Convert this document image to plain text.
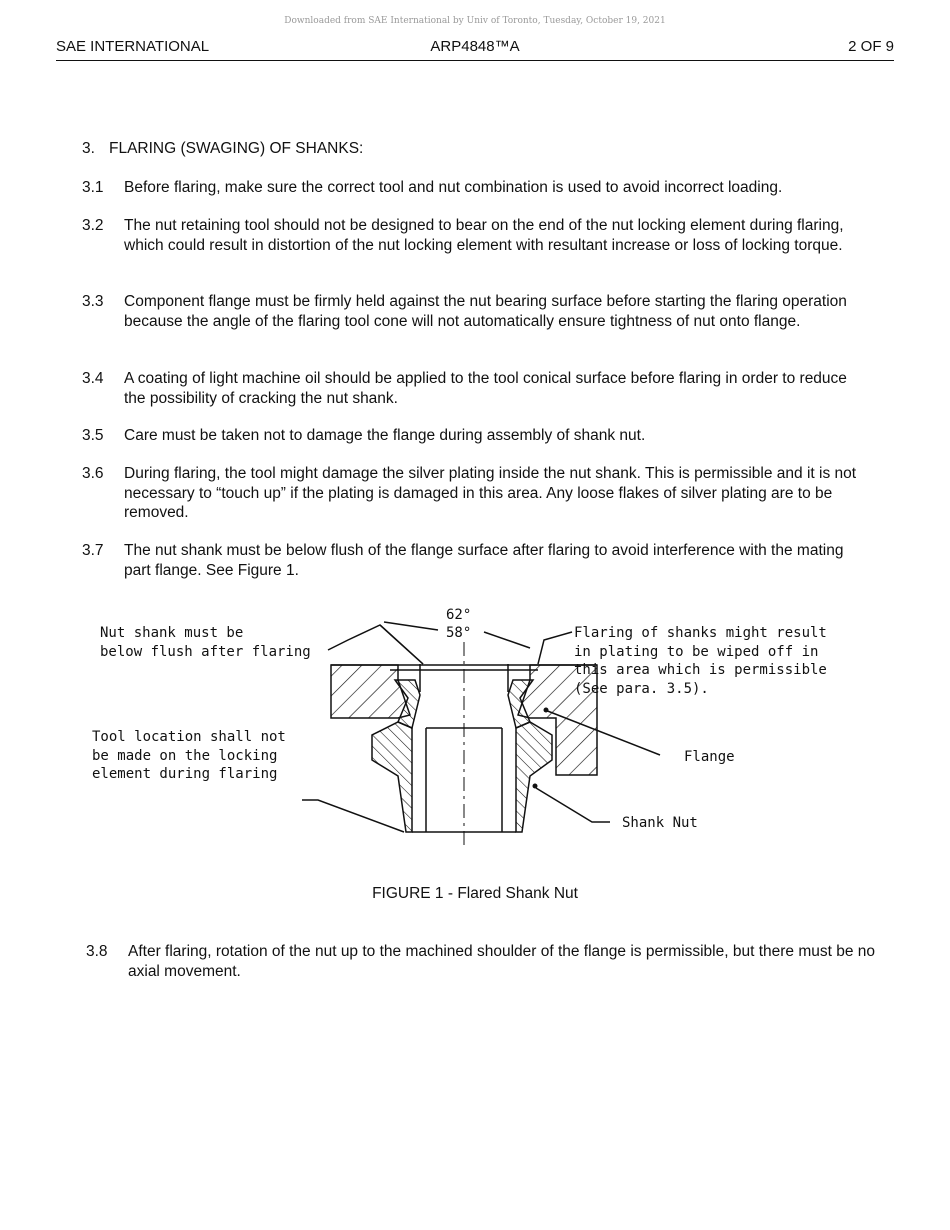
Downloaded from SAE International by Univ of Toronto, Tuesday, October 19, 2021
SAE INTERNATIONAL	ARP4848™A	2 OF 9
3. FLARING (SWAGING) OF SHANKS:
3.1 Before flaring, make sure the correct tool and nut combination is used to avoid incorrect loading.
3.2 The nut retaining tool should not be designed to bear on the end of the nut locking element during flaring, which could result in distortion of the nut locking element with resultant increase or loss of locking torque.
3.3 Component flange must be firmly held against the nut bearing surface before starting the flaring operation because the angle of the flaring tool cone will not automatically ensure tightness of nut onto flange.
3.4 A coating of light machine oil should be applied to the tool conical surface before flaring in order to reduce the possibility of cracking the nut shank.
3.5 Care must be taken not to damage the flange during assembly of shank nut.
3.6 During flaring, the tool might damage the silver plating inside the nut shank. This is permissible and it is not necessary to “touch up” if the plating is damaged in this area. Any loose flakes of silver plating are to be removed.
3.7 The nut shank must be below flush of the flange surface after flaring to avoid interference with the mating part flange. See Figure 1.
62°
58°
Nut shank must be
below flush after flaring
Tool location shall not
be made on the locking
element during flaring
Flaring of shanks might result
in plating to be wiped off in
this area which is permissible
(See para. 3.5).
Flange
Shank Nut
FIGURE 1 - Flared Shank Nut
3.8 After flaring, rotation of the nut up to the machined shoulder of the flange is permissible, but there must be no axial movement.
